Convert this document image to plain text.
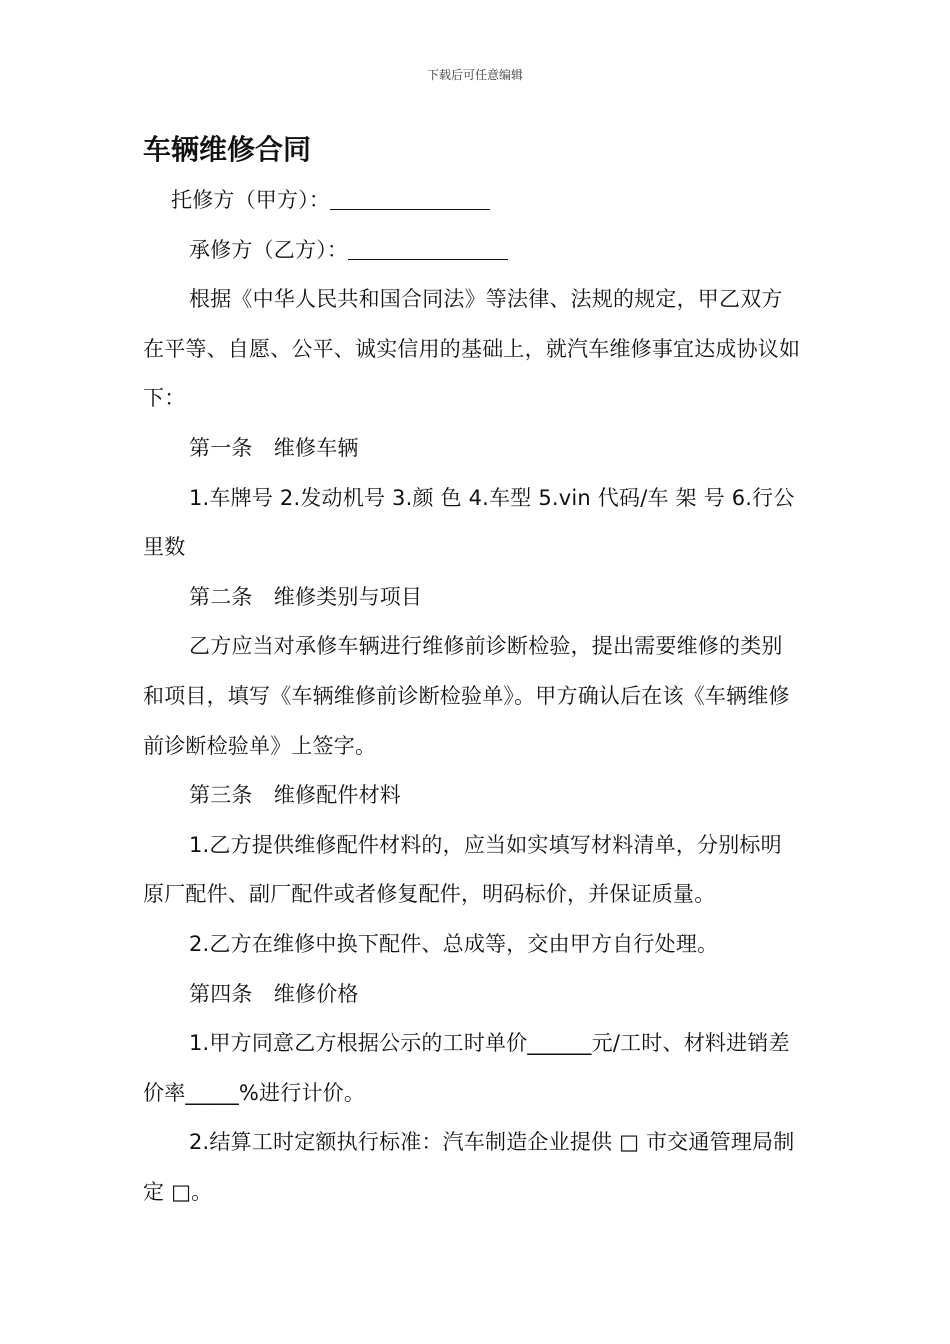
下载后可任意编辑
车辆维修合同

托修方（甲方）：

承修方（乙方）：

根据《中华人民共和国合同法》等法律、法规的规定，甲乙双方在平等、自愿、公平、诚实信用的基础上，就汽车维修事宜达成协议如下：

第一条　维修车辆

1.车牌号 2.发动机号 3.颜 色 4.车型 5.vin 代码/车 架 号 6.行公里数

第二条　维修类别与项目

乙方应当对承修车辆进行维修前诊断检验，提出需要维修的类别和项目，填写《车辆维修前诊断检验单》。甲方确认后在该《车辆维修前诊断检验单》上签字。

第三条　维修配件材料

1.乙方提供维修配件材料的，应当如实填写材料清单，分别标明原厂配件、副厂配件或者修复配件，明码标价，并保证质量。

2.乙方在维修中换下配件、总成等，交由甲方自行处理。

第四条　维修价格

1.甲方同意乙方根据公示的工时单价______元/工时、材料进销差价率_____%进行计价。

2.结算工时定额执行标准：汽车制造企业提供 □ 市交通管理局制定 □。
